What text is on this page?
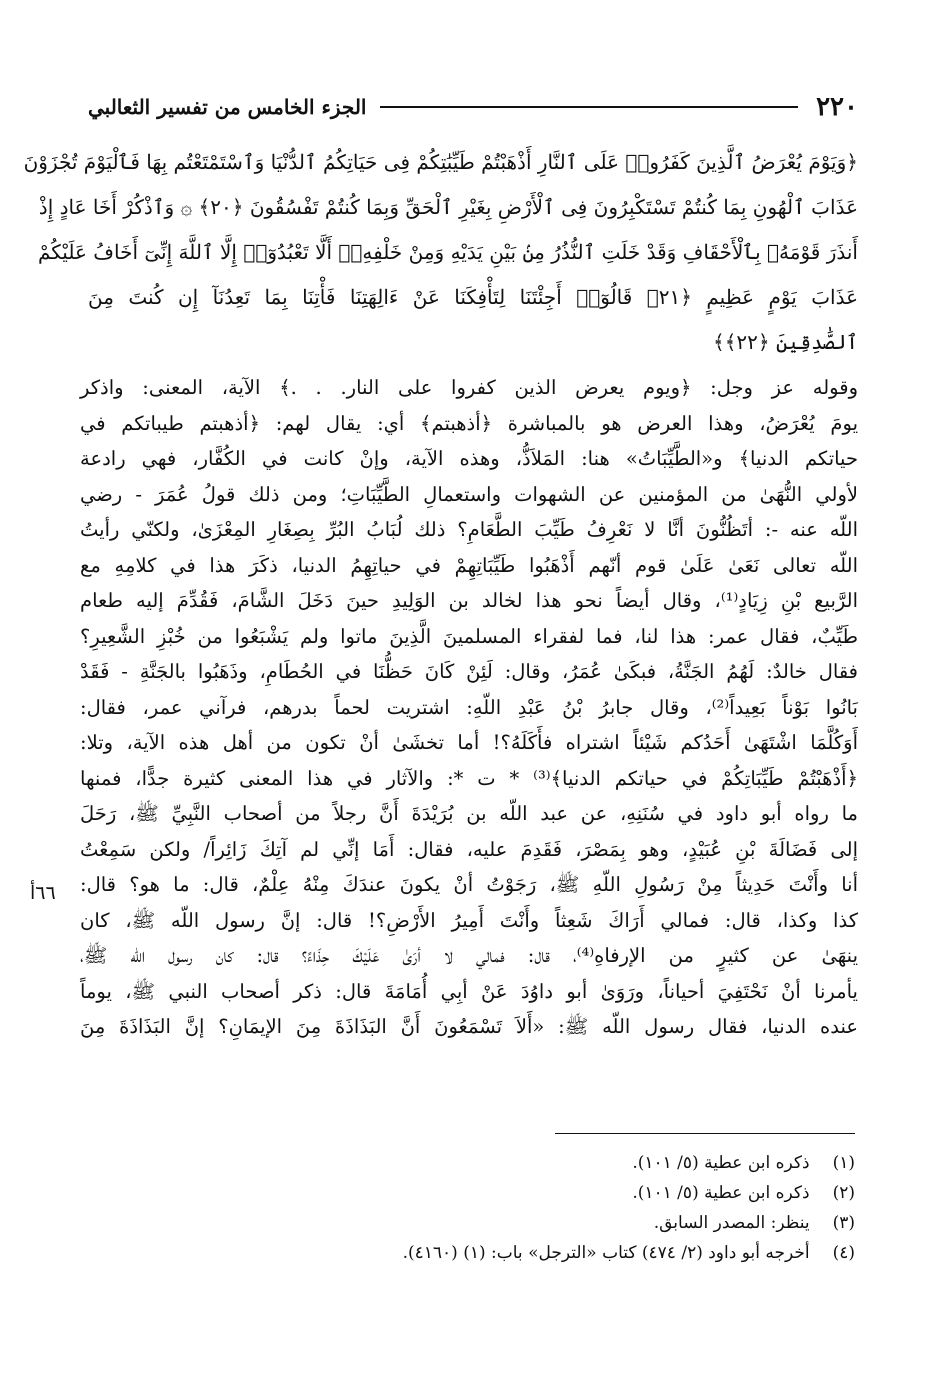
٢٢٠
الجزء الخامس من تفسير الثعالبي
﴿وَيَوْمَ يُعْرَضُ ٱلَّذِينَ كَفَرُوا۟ عَلَى ٱلنَّارِ أَذْهَبْتُمْ طَيِّبَٰتِكُمْ فِى حَيَاتِكُمُ ٱلدُّنْيَا وَٱسْتَمْتَعْتُم بِهَا فَٱلْيَوْمَ تُجْزَوْنَ
عَذَابَ ٱلْهُونِ بِمَا كُنتُمْ تَسْتَكْبِرُونَ فِى ٱلْأَرْضِ بِغَيْرِ ٱلْحَقِّ وَبِمَا كُنتُمْ تَفْسُقُونَ ﴿٢٠﴾ ۞ وَٱذْكُرْ أَخَا عَادٍ إِذْ
أَنذَرَ قَوْمَهُۥ بِٱلْأَحْقَافِ وَقَدْ خَلَتِ ٱلنُّذُرُ مِنۢ بَيْنِ يَدَيْهِ وَمِنْ خَلْفِهِۦٓ أَلَّا تَعْبُدُوٓا۟ إِلَّا ٱللَّهَ إِنِّىٓ أَخَافُ عَلَيْكُمْ
عَذَابَ يَوْمٍ عَظِيمٍ ﴿٢١﴾ قَالُوٓا۟ أَجِئْتَنَا لِتَأْفِكَنَا عَنْ ءَالِهَتِنَا فَأْتِنَا بِمَا تَعِدُنَآ إِن كُنتَ مِنَ
ٱلصَّٰدِقِينَ ﴿٢٢﴾﴾
وقوله عز وجل: ﴿ويوم يعرض الذين كفروا على النار. . .﴾ الآية، المعنى: واذكر
يومَ يُعْرَضُ، وهذا العرض هو بالمباشرة ﴿أذهبتم﴾ أي: يقال لهم: ﴿أذهبتم طيباتكم في
حياتكم الدنيا﴾ و«الطَّيِّبَاتُ» هنا: المَلاَذُّ، وهذه الآية، وإنْ كانت في الكُفَّار، فهي رادعة
لأولي النُّهَىٰ من المؤمنين عن الشهوات واستعمالِ الطَّيِّبَاتِ؛ ومن ذلك قولُ عُمَرَ - رضي
اللّه عنه -: أتَظُنُّونَ أنَّا لا نَعْرِفُ طَيِّبَ الطَّعَامِ؟ ذلك لُبَابُ البُرِّ بِصِغَارِ المِعْزَىٰ، ولكنّي رأيتُ
اللّه تعالى نَعَىٰ عَلَىٰ قوم أنّهم أَذْهَبُوا طَيِّبَاتِهِمْ في حياتِهِمُ الدنيا، ذكَرَ هذا في كلامِهِ مع
الرَّبيع بْنِ زِيَادٍ⁽¹⁾، وقال أيضاً نحو هذا لخالد بن الوَلِيدِ حينَ دَخَلَ الشَّامَ، فَقُدِّمَ إليه طعام
طَيِّبٌ، فقال عمر: هذا لنا، فما لفقراء المسلمينَ الَّذِينَ ماتوا ولم يَشْبَعُوا من خُبْزِ الشَّعِيرِ؟
فقال خالدٌ: لَهُمُ الجَنَّةُ، فبكَىٰ عُمَرُ، وقال: لَئِنْ كَانَ حَظُّنَا في الحُطَامِ، وذَهَبُوا بالجَنَّةِ - فَقَدْ
بَانُوا بَوْناً بَعِيداً⁽²⁾، وقال جابرُ بْنُ عَبْدِ اللّهِ: اشتريت لحماً بدرهم، فرآني عمر، فقال:
أَوَكُلَّمَا اشْتَهَىٰ أَحَدُكم شَيْئاً اشتراه فأَكَلَهُ؟! أما تخشَىٰ أنْ تكون من أهل هذه الآية، وتلا:
﴿أَذْهَبْتُمْ طَيِّبَاتِكُمْ في حياتكم الدنيا﴾⁽³⁾ * ت *: والآثار في هذا المعنى كثيرة جدًّا، فمنها
ما رواه أبو داود في سُنَنِهِ، عن عبد اللّه بن بُرَيْدَةَ أَنَّ رجلاً من أصحاب النَّبِيِّ ﷺ، رَحَلَ
إلى فَضَالَةَ بْنِ عُبَيْدٍ، وهو بِمَصْرَ، فَقَدِمَ عليه، فقال: أَمَا إنِّي لم آتِكَ زَائِراً/ ولكن سَمِعْتُ
أنا وأَنْتَ حَدِيثاً مِنْ رَسُولِ اللّهِ ﷺ، رَجَوْتُ أنْ يكونَ عندَكَ مِنْهُ عِلْمٌ، قال: ما هو؟ قال:
كذا وكذا، قال: فمالي أَرَاكَ شَعِثاً وأَنْتَ أَمِيرُ الأَرْضِ؟! قال: إنَّ رسول اللّه ﷺ، كان
ينهَىٰ عن كثيرٍ من الإرفاهِ⁽⁴⁾، قال: فمالي لا أرَىٰ عَلَيْكَ حِذَاءً؟ قال: كان رسول اللّه ﷺ،
يأمرنا أنْ نَحْتَفِيَ أحياناً، ورَوَىٰ أبو داوُدَ عَنْ أبِي أُمَامَةَ قال: ذكر أصحاب النبي ﷺ، يوماً
عنده الدنيا، فقال رسول اللّه ﷺ: «أَلاَ تَسْمَعُونَ أَنَّ البَذَاذَةَ مِنَ الإيمَانِ؟ إنَّ البَذَاذَةَ مِنَ
٦٦أ
(١) ذكره ابن عطية (٥/ ١٠١).
(٢) ذكره ابن عطية (٥/ ١٠١).
(٣) ينظر: المصدر السابق.
(٤) أخرجه أبو داود (٢/ ٤٧٤) كتاب «الترجل» باب: (١) (٤١٦٠).
